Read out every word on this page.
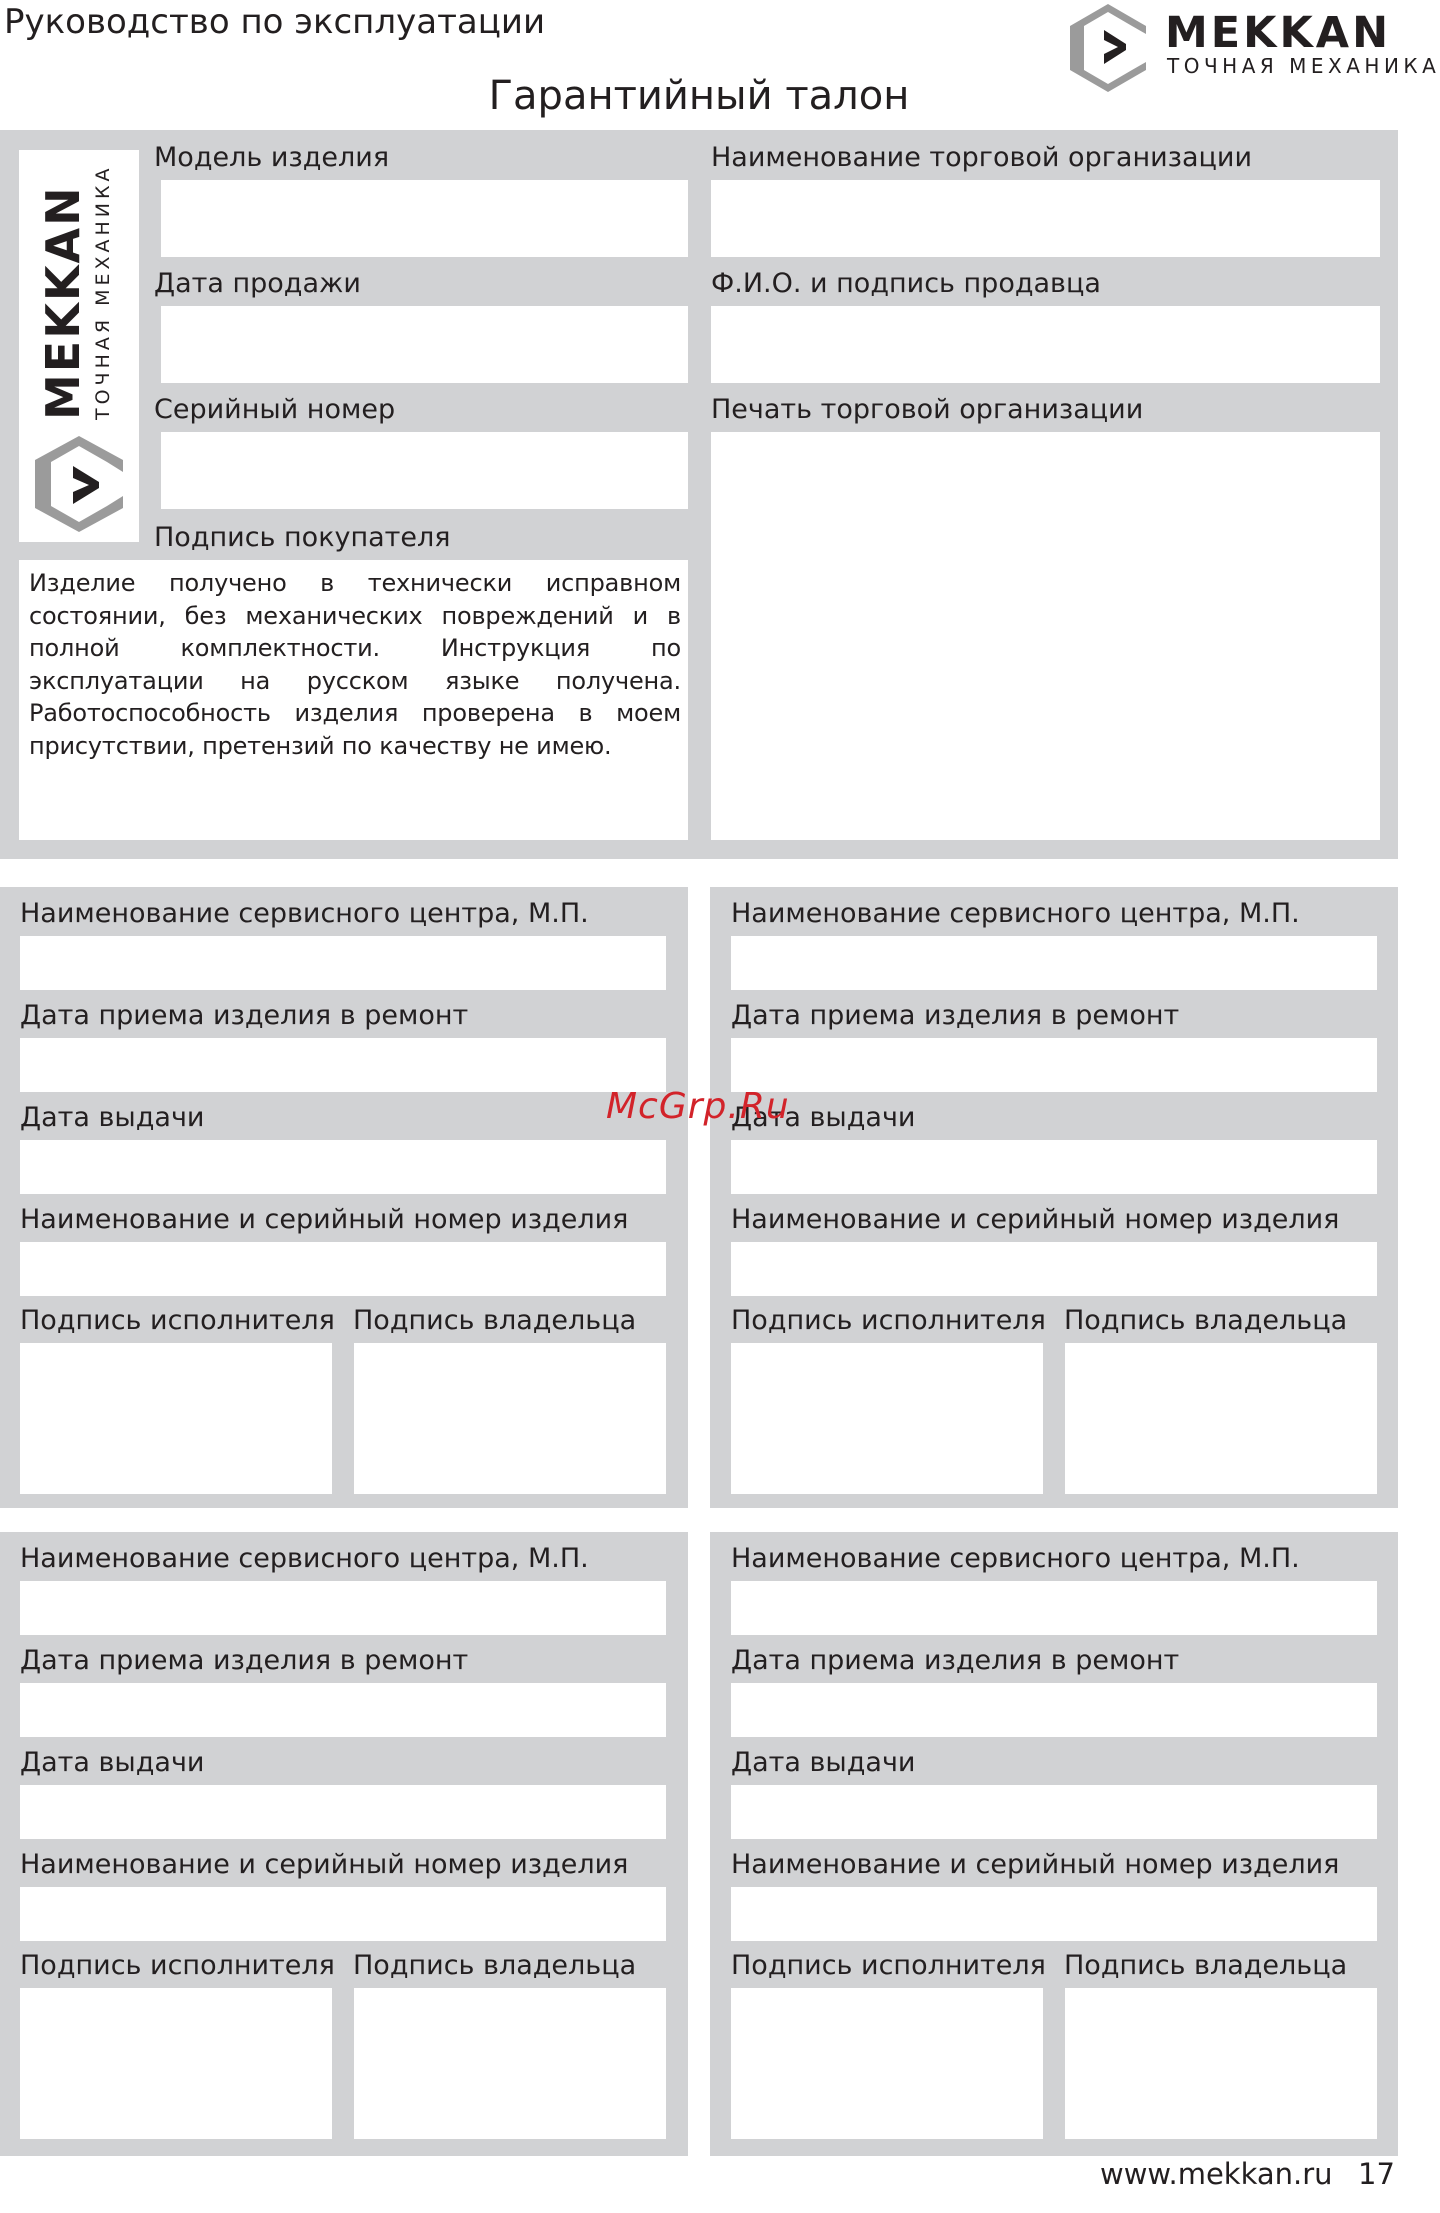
Руководство по эксплуатации	MEKKAN
ТОЧНАЯ МЕХАНИКА
Гарантийный талон
MEKKAN ТОЧНАЯ МЕХАНИКА
Модель изделия
Дата продажи
Серийный номер
Подпись покупателя
Изделие получено в технически исправном состоянии, без механических повреждений и в полной комплектности. Инструкция по эксплуатации на русском языке получена. Работоспособность изделия проверена в моем присутствии, претензий по качеству не имею.
Наименование торговой организации
Ф.И.О. и подпись продавца
Печать торговой организации
Наименование сервисного центра, М.П.
Дата приема изделия в ремонт
Дата выдачи
Наименование и серийный номер изделия
Подпись исполнителя Подпись владельца
Наименование сервисного центра, М.П.
Дата приема изделия в ремонт
Дата выдачи
Наименование и серийный номер изделия
Подпись исполнителя Подпись владельца
Наименование сервисного центра, М.П.
Дата приема изделия в ремонт
Дата выдачи
Наименование и серийный номер изделия
Подпись исполнителя Подпись владельца
Наименование сервисного центра, М.П.
Дата приема изделия в ремонт
Дата выдачи
Наименование и серийный номер изделия
Подпись исполнителя Подпись владельца
McGrp.Ru
www.mekkan.ru 17
